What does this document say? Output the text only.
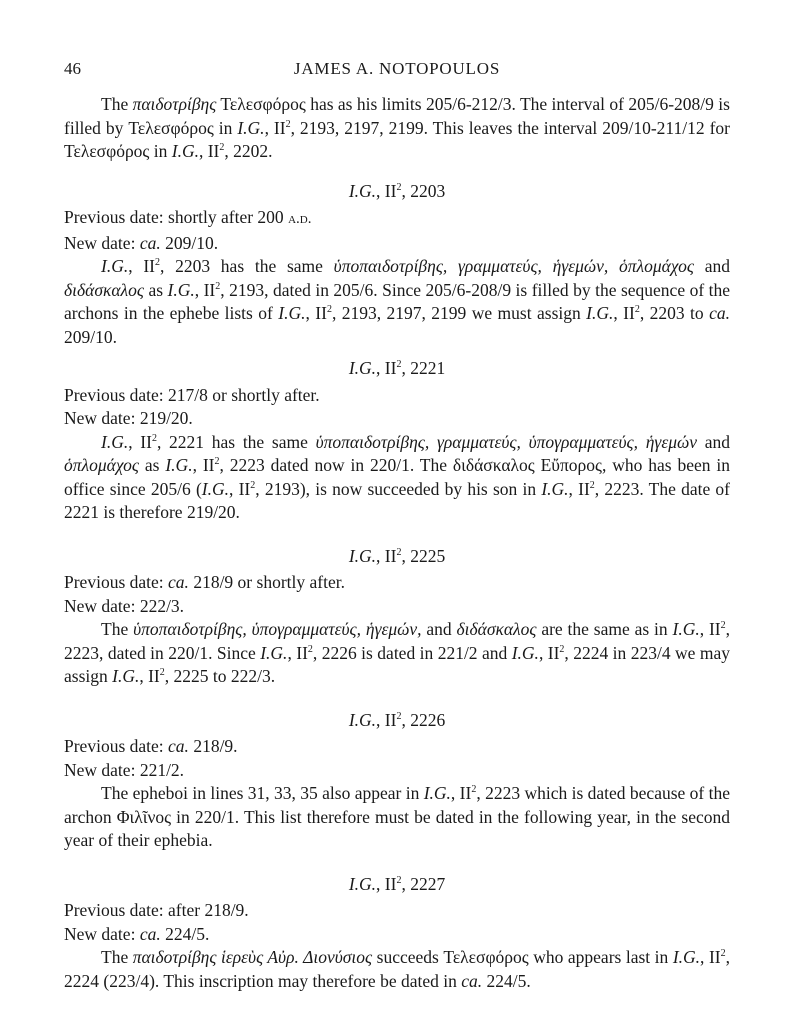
46	JAMES A. NOTOPOULOS

The παιδοτρίβης Τελεσφόρος has as his limits 205/6-212/3. The interval of 205/6-208/9 is filled by Τελεσφόρος in I.G., $II^2$, 2193, 2197, 2199. This leaves the interval 209/10-211/12 for Τελεσφόρος in I.G., $II^2$, 2202.

I.G., $II^2$, 2203
Previous date: shortly after 200 a.d.
New date: ca. 209/10.

I.G., $II^2$, 2203 has the same ὑποπαιδοτρίβης, γραμματεύς, ἡγεμών, ὁπλομάχος and διδάσκαλος as I.G., $II^2$, 2193, dated in 205/6. Since 205/6-208/9 is filled by the sequence of the archons in the ephebe lists of I.G., $II^2$, 2193, 2197, 2199 we must assign I.G., $II^2$, 2203 to ca. 209/10.

I.G., $II^2$, 2221
Previous date: 217/8 or shortly after.
New date: 219/20.

I.G., $II^2$, 2221 has the same ὑποπαιδοτρίβης, γραμματεύς, ὑπογραμματεύς, ἡγεμών and ὁπλομάχος as I.G., $II^2$, 2223 dated now in 220/1. The διδάσκαλος Εὔπορος, who has been in office since 205/6 (I.G., $II^2$, 2193), is now succeeded by his son in I.G., $II^2$, 2223. The date of 2221 is therefore 219/20.

I.G., $II^2$, 2225
Previous date: ca. 218/9 or shortly after.
New date: 222/3.

The ὑποπαιδοτρίβης, ὑπογραμματεύς, ἡγεμών, and διδάσκαλος are the same as in I.G., $II^2$, 2223, dated in 220/1. Since I.G., $II^2$, 2226 is dated in 221/2 and I.G., $II^2$, 2224 in 223/4 we may assign I.G., $II^2$, 2225 to 222/3.

I.G., $II^2$, 2226
Previous date: ca. 218/9.
New date: 221/2.

The epheboi in lines 31, 33, 35 also appear in I.G., $II^2$, 2223 which is dated because of the archon Φιλῖνος in 220/1. This list therefore must be dated in the following year, in the second year of their ephebia.

I.G., $II^2$, 2227
Previous date: after 218/9.
New date: ca. 224/5.

The παιδοτρίβης ἱερεὺς Αὐρ. Διονύσιος succeeds Τελεσφόρος who appears last in I.G., $II^2$, 2224 (223/4). This inscription may therefore be dated in ca. 224/5.
